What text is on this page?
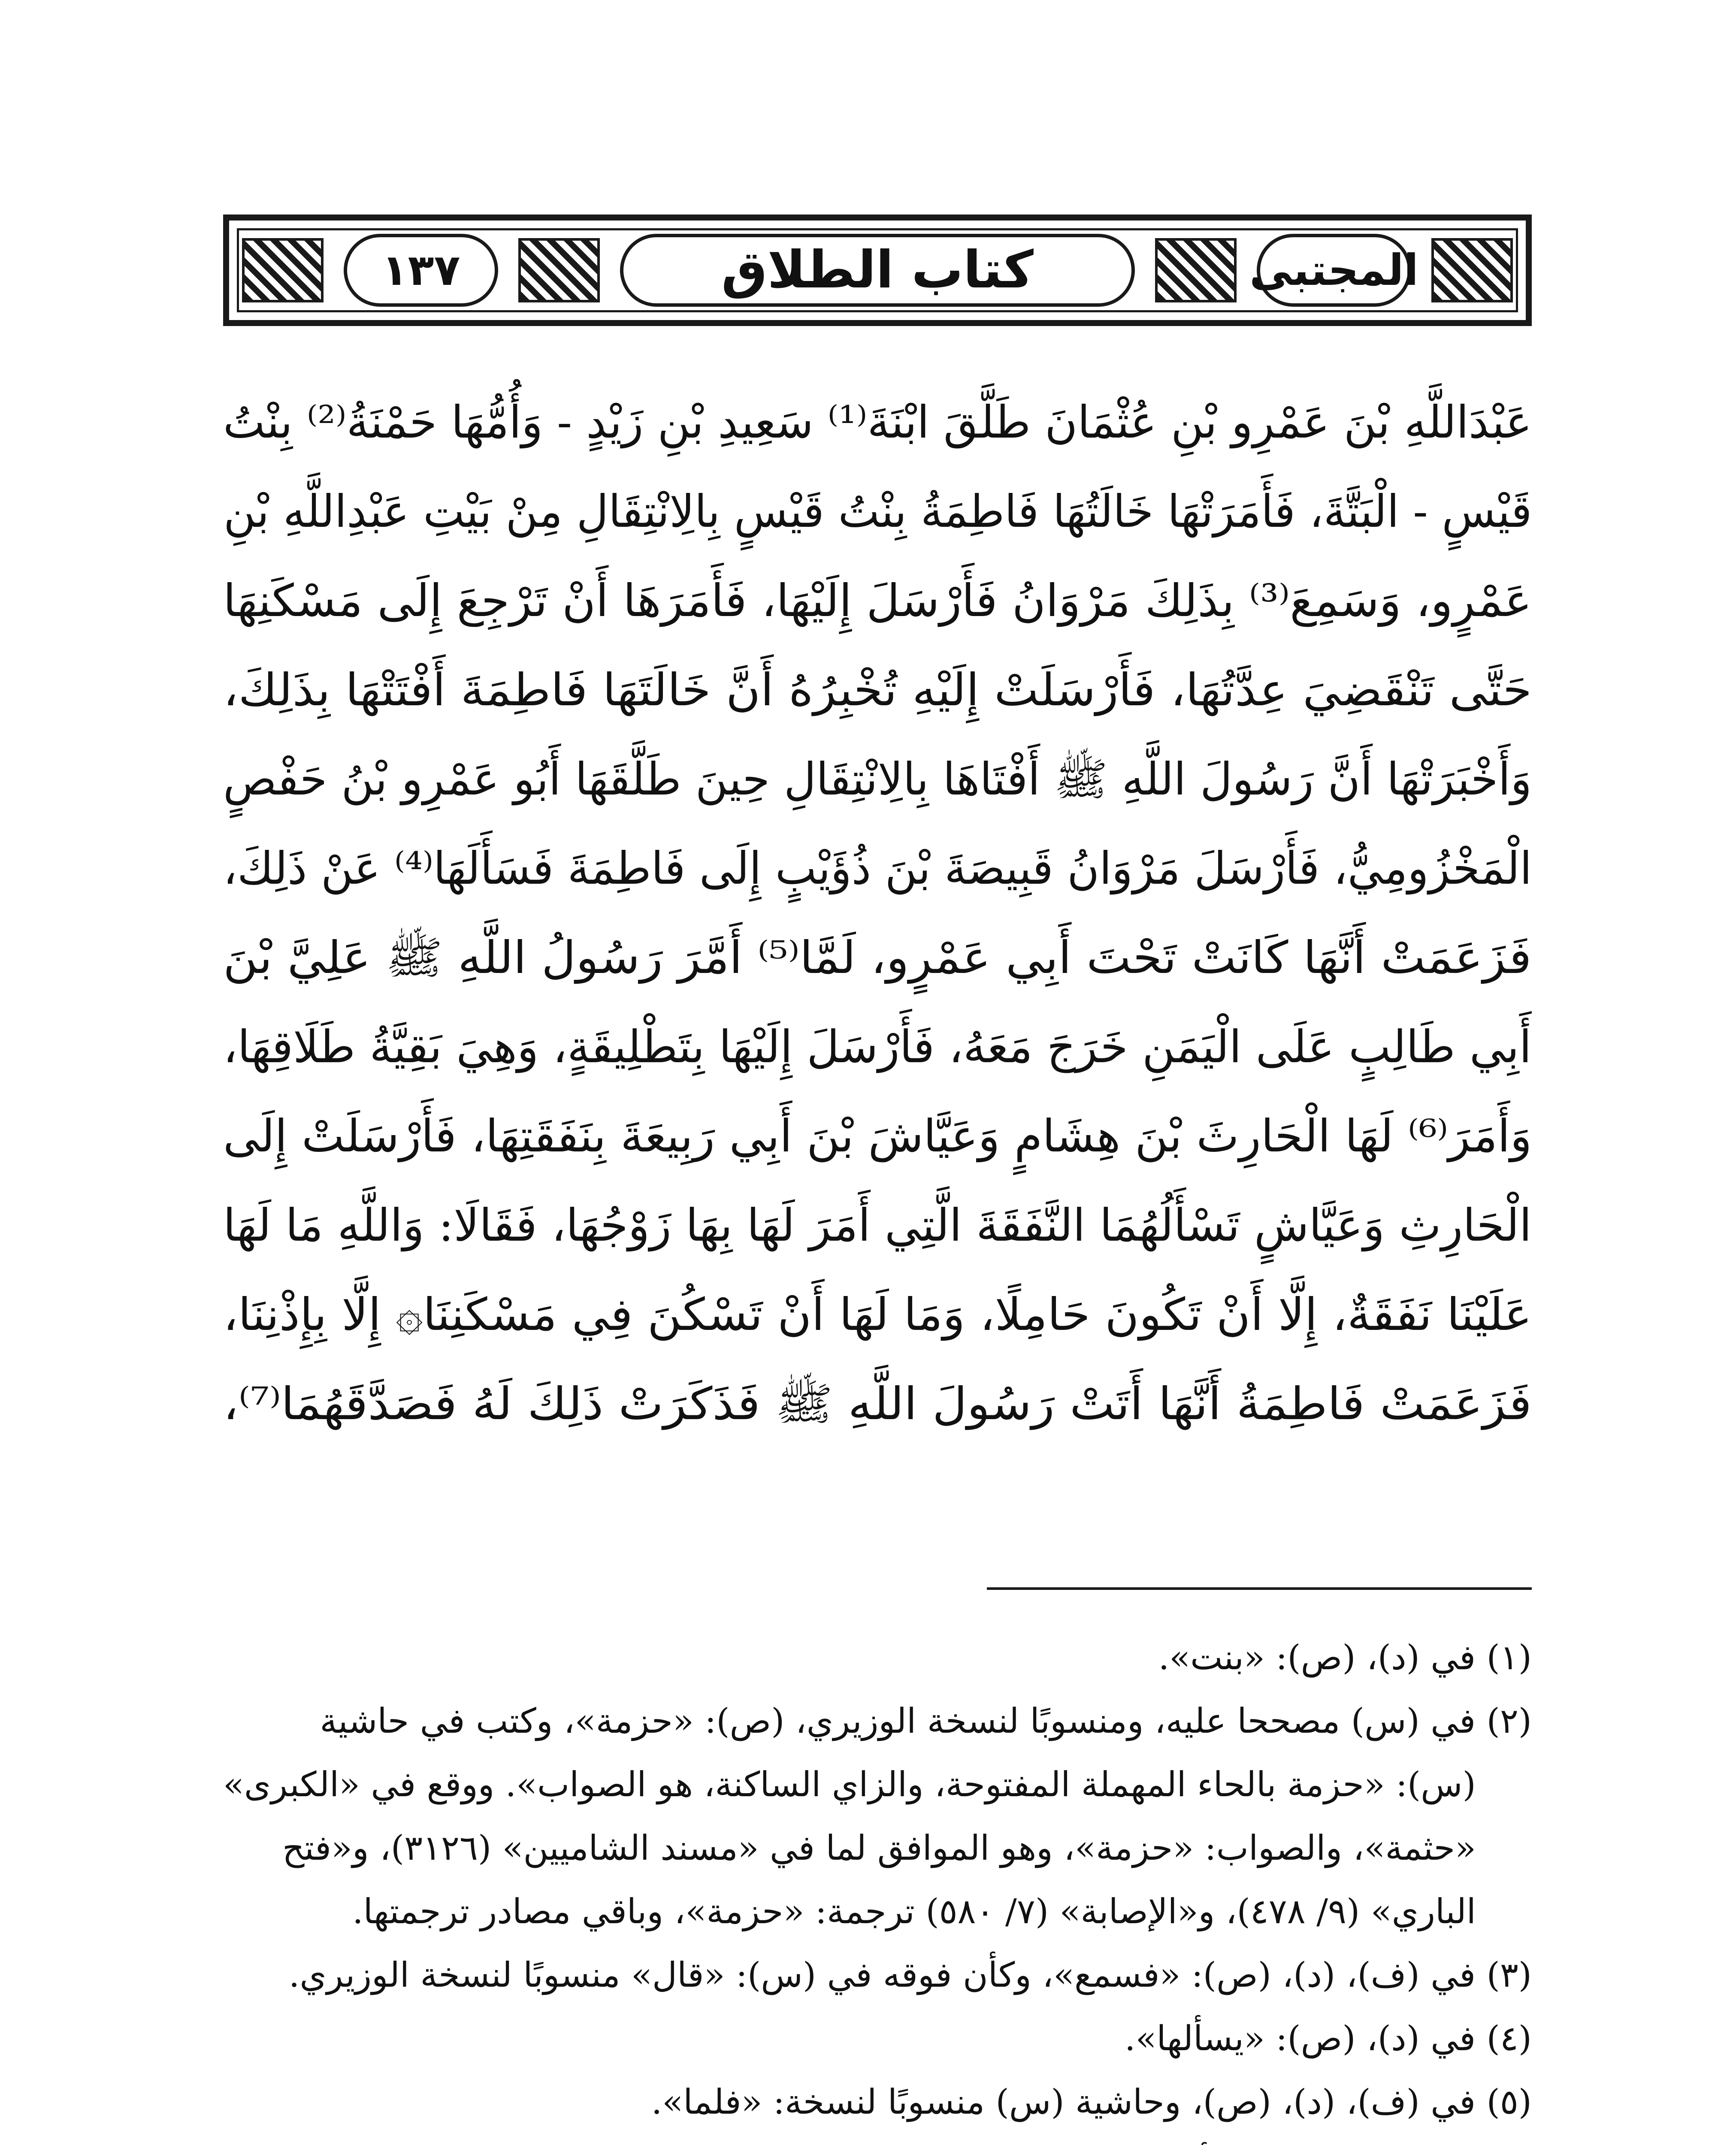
١٣٧	كتاب الطلاق	المجتبى
عَبْدَاللَّهِ بْنَ عَمْرِو بْنِ عُثْمَانَ طَلَّقَ ابْنَةَ⁽¹⁾ سَعِيدِ بْنِ زَيْدٍ - وَأُمُّهَا حَمْنَةُ⁽²⁾ بِنْتُ
قَيْسٍ - الْبَتَّةَ، فَأَمَرَتْهَا خَالَتُهَا فَاطِمَةُ بِنْتُ قَيْسٍ بِالِانْتِقَالِ مِنْ بَيْتِ عَبْدِاللَّهِ بْنِ
عَمْرٍو، وَسَمِعَ⁽³⁾ بِذَلِكَ مَرْوَانُ فَأَرْسَلَ إِلَيْهَا، فَأَمَرَهَا أَنْ تَرْجِعَ إِلَى مَسْكَنِهَا
حَتَّى تَنْقَضِيَ عِدَّتُهَا، فَأَرْسَلَتْ إِلَيْهِ تُخْبِرُهُ أَنَّ خَالَتَهَا فَاطِمَةَ أَفْتَتْهَا بِذَلِكَ،
وَأَخْبَرَتْهَا أَنَّ رَسُولَ اللَّهِ ﷺ أَفْتَاهَا بِالِانْتِقَالِ حِينَ طَلَّقَهَا أَبُو عَمْرِو بْنُ حَفْصٍ
الْمَخْزُومِيُّ، فَأَرْسَلَ مَرْوَانُ قَبِيصَةَ بْنَ ذُؤَيْبٍ إِلَى فَاطِمَةَ فَسَأَلَهَا⁽⁴⁾ عَنْ ذَلِكَ،
فَزَعَمَتْ أَنَّهَا كَانَتْ تَحْتَ أَبِي عَمْرٍو، لَمَّا⁽⁵⁾ أَمَّرَ رَسُولُ اللَّهِ ﷺ عَلِيَّ بْنَ
أَبِي طَالِبٍ عَلَى الْيَمَنِ خَرَجَ مَعَهُ، فَأَرْسَلَ إِلَيْهَا بِتَطْلِيقَةٍ، وَهِيَ بَقِيَّةُ طَلَاقِهَا،
وَأَمَرَ⁽⁶⁾ لَهَا الْحَارِثَ بْنَ هِشَامٍ وَعَيَّاشَ بْنَ أَبِي رَبِيعَةَ بِنَفَقَتِهَا، فَأَرْسَلَتْ إِلَى
الْحَارِثِ وَعَيَّاشٍ تَسْأَلُهُمَا النَّفَقَةَ الَّتِي أَمَرَ لَهَا بِهَا زَوْجُهَا، فَقَالَا: وَاللَّهِ مَا لَهَا
عَلَيْنَا نَفَقَةٌ، إِلَّا أَنْ تَكُونَ حَامِلًا، وَمَا لَهَا أَنْ تَسْكُنَ فِي مَسْكَنِنَا۞ إِلَّا بِإِذْنِنَا،
فَزَعَمَتْ فَاطِمَةُ أَنَّهَا أَتَتْ رَسُولَ اللَّهِ ﷺ فَذَكَرَتْ ذَلِكَ لَهُ فَصَدَّقَهُمَا⁽⁷⁾،
(١) في (د)، (ص): «بنت».
(٢) في (س) مصححا عليه، ومنسوبًا لنسخة الوزيري، (ص): «حزمة»، وكتب في حاشية
(س): «حزمة بالحاء المهملة المفتوحة، والزاي الساكنة، هو الصواب». ووقع في «الكبرى»
«حثمة»، والصواب: «حزمة»، وهو الموافق لما في «مسند الشاميين» (٣١٢٦)، و«فتح
الباري» (٩/ ٤٧٨)، و«الإصابة» (٧/ ٥٨٠) ترجمة: «حزمة»، وباقي مصادر ترجمتها.
(٣) في (ف)، (د)، (ص): «فسمع»، وكأن فوقه في (س): «قال» منسوبًا لنسخة الوزيري.
(٤) في (د)، (ص): «يسألها».
(٥) في (ف)، (د)، (ص)، وحاشية (س) منسوبًا لنسخة: «فلما».
